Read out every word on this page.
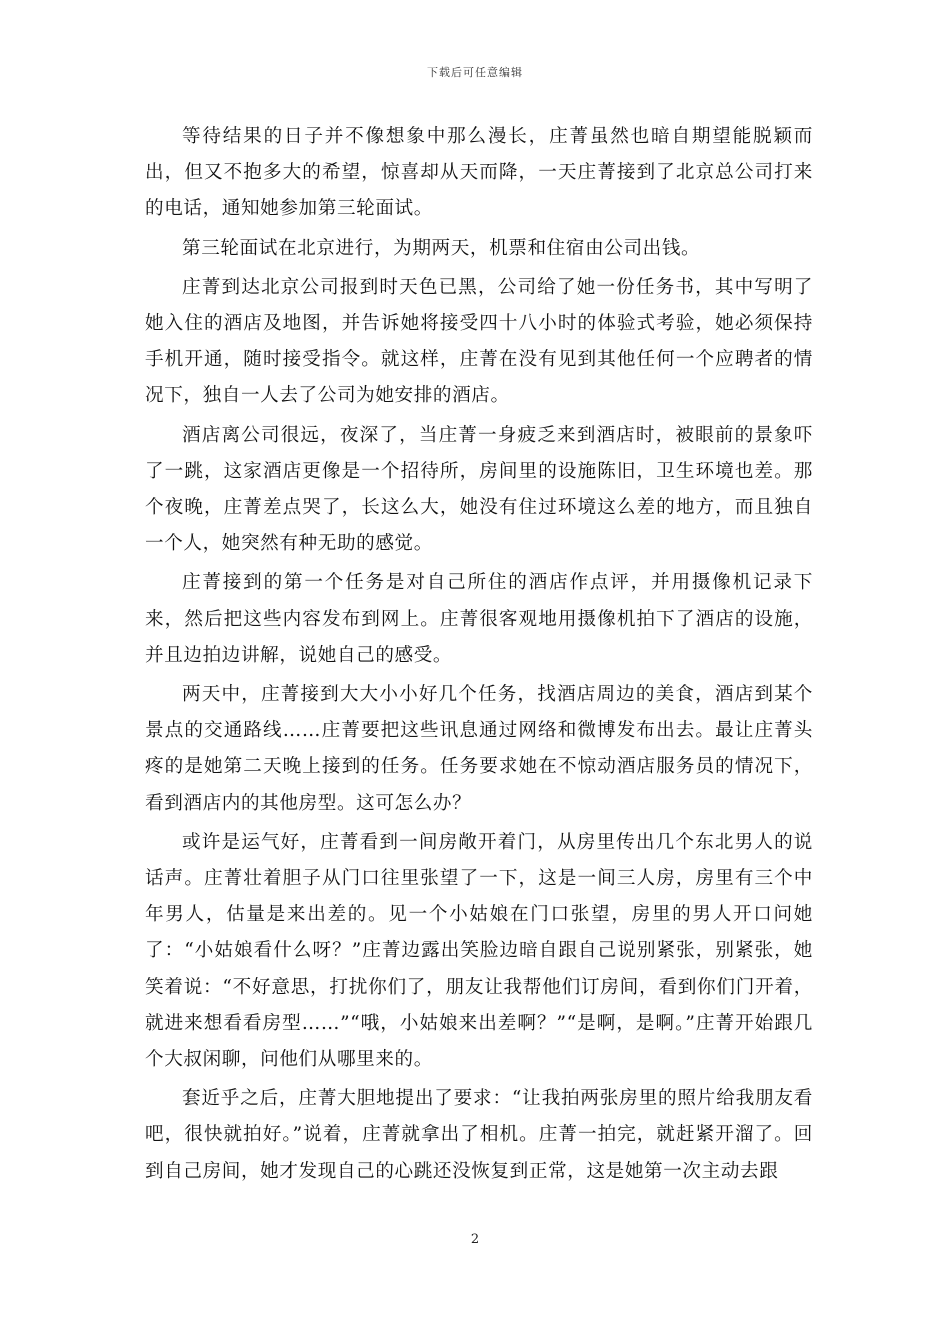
下载后可任意编辑

等待结果的日子并不像想象中那么漫长，庄菁虽然也暗自期望能脱颖而出，但又不抱多大的希望，惊喜却从天而降，一天庄菁接到了北京总公司打来的电话，通知她参加第三轮面试。

第三轮面试在北京进行，为期两天，机票和住宿由公司出钱。

庄菁到达北京公司报到时天色已黑，公司给了她一份任务书，其中写明了她入住的酒店及地图，并告诉她将接受四十八小时的体验式考验，她必须保持手机开通，随时接受指令。就这样，庄菁在没有见到其他任何一个应聘者的情况下，独自一人去了公司为她安排的酒店。

酒店离公司很远，夜深了，当庄菁一身疲乏来到酒店时，被眼前的景象吓了一跳，这家酒店更像是一个招待所，房间里的设施陈旧，卫生环境也差。那个夜晚，庄菁差点哭了，长这么大，她没有住过环境这么差的地方，而且独自一个人，她突然有种无助的感觉。

庄菁接到的第一个任务是对自己所住的酒店作点评，并用摄像机记录下来，然后把这些内容发布到网上。庄菁很客观地用摄像机拍下了酒店的设施，并且边拍边讲解，说她自己的感受。

两天中，庄菁接到大大小小好几个任务，找酒店周边的美食，酒店到某个景点的交通路线……庄菁要把这些讯息通过网络和微博发布出去。最让庄菁头疼的是她第二天晚上接到的任务。任务要求她在不惊动酒店服务员的情况下，看到酒店内的其他房型。这可怎么办？

或许是运气好，庄菁看到一间房敞开着门，从房里传出几个东北男人的说话声。庄菁壮着胆子从门口往里张望了一下，这是一间三人房，房里有三个中年男人，估量是来出差的。见一个小姑娘在门口张望，房里的男人开口问她了：“小姑娘看什么呀？”庄菁边露出笑脸边暗自跟自己说别紧张，别紧张，她笑着说：“不好意思，打扰你们了，朋友让我帮他们订房间，看到你们门开着，就进来想看看房型……”“哦，小姑娘来出差啊？”“是啊，是啊。”庄菁开始跟几个大叔闲聊，问他们从哪里来的。

套近乎之后，庄菁大胆地提出了要求：“让我拍两张房里的照片给我朋友看吧，很快就拍好。”说着，庄菁就拿出了相机。庄菁一拍完，就赶紧开溜了。回到自己房间，她才发现自己的心跳还没恢复到正常，这是她第一次主动去跟

2
